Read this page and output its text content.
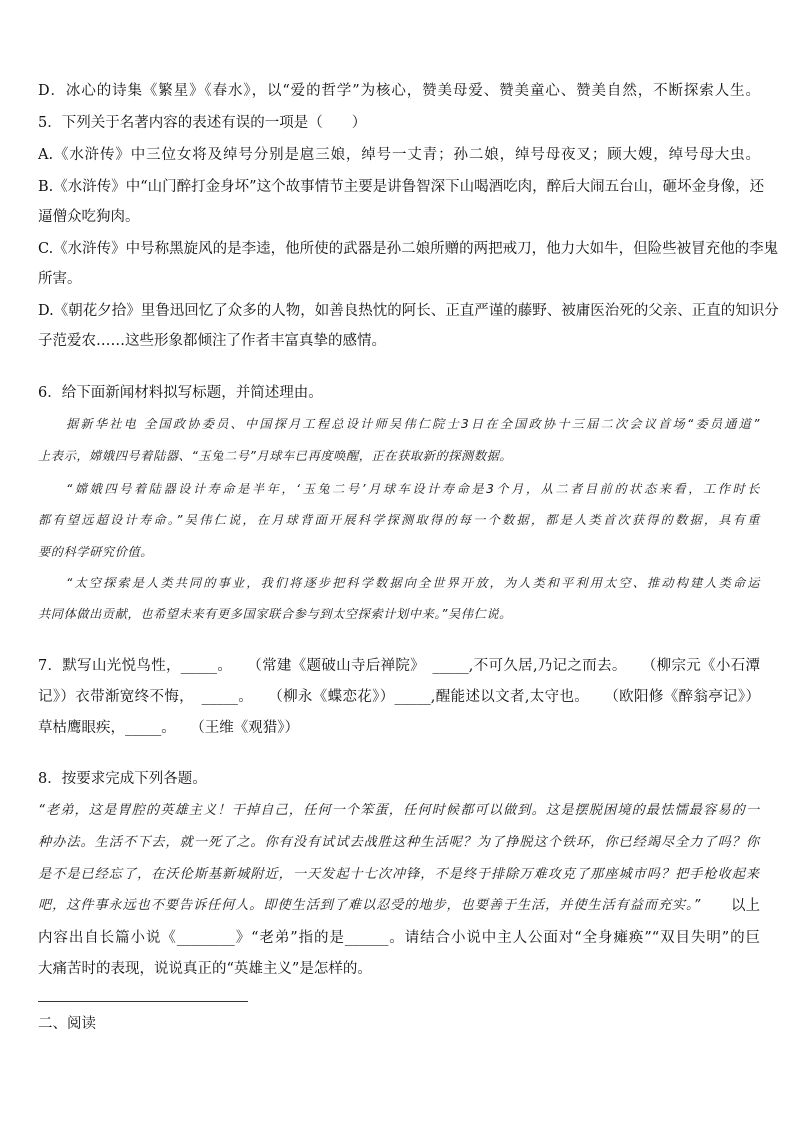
D．冰心的诗集《繁星》《春水》，以“爱的哲学”为核心，赞美母爱、赞美童心、赞美自然，不断探索人生。
5．下列关于名著内容的表述有误的一项是（　　）
A.《水浒传》中三位女将及绰号分别是扈三娘，绰号一丈青；孙二娘，绰号母夜叉；顾大嫂，绰号母大虫。
B.《水浒传》中“山门醉打金身坏”这个故事情节主要是讲鲁智深下山喝酒吃肉，醉后大闹五台山，砸坏金身像，还
逼僧众吃狗肉。
C.《水浒传》中号称黑旋风的是李逵，他所使的武器是孙二娘所赠的两把戒刀，他力大如牛，但险些被冒充他的李鬼
所害。
D.《朝花夕拾》里鲁迅回忆了众多的人物，如善良热忱的阿长、正直严谨的藤野、被庸医治死的父亲、正直的知识分
子范爱农……这些形象都倾注了作者丰富真挚的感情。
6．给下面新闻材料拟写标题，并简述理由。
据新华社电 全国政协委员、中国探月工程总设计师吴伟仁院士3日在全国政协十三届二次会议首场“委员通道”
上表示，嫦娥四号着陆器、“玉兔二号”月球车已再度唤醒，正在获取新的探测数据。
“嫦娥四号着陆器设计寿命是半年，‘玉兔二号’月球车设计寿命是3个月，从二者目前的状态来看，工作时长
都有望远超设计寿命。”吴伟仁说，在月球背面开展科学探测取得的每一个数据，都是人类首次获得的数据，具有重
要的科学研究价值。
“太空探索是人类共同的事业，我们将逐步把科学数据向全世界开放，为人类和平利用太空、推动构建人类命运
共同体做出贡献，也希望未来有更多国家联合参与到太空探索计划中来。”吴伟仁说。
7．默写山光悦鸟性，_____。　　（常建《题破山寺后禅院》　_____,不可久居,乃记之而去。　　（柳宗元《小石潭
记》）衣带渐宽终不悔，　_____。　　（柳永《蝶恋花》）_____,醒能述以文者,太守也。　　（欧阳修《醉翁亭记》）
草枯鹰眼疾，_____。　　（王维《观猎》）
8．按要求完成下列各题。
“老弟，这是胃腔的英雄主义！干掉自己，任何一个笨蛋，任何时候都可以做到。这是摆脱困境的最怯懦最容易的一
种办法。生活不下去，就一死了之。你有没有试试去战胜这种生活呢？为了挣脱这个铁环，你已经竭尽全力了吗？你
是不是已经忘了，在沃伦斯基新城附近，一天发起十七次冲锋，不是终于排除万难攻克了那座城市吗？把手枪收起来
吧，这件事永远也不要告诉任何人。即使生活到了难以忍受的地步，也要善于生活，并使生活有益而充实。”	以上
内容出自长篇小说《________》“老弟”指的是______。请结合小说中主人公面对“全身瘫痪”“双目失明”的巨
大痛苦时的表现，说说真正的“英雄主义”是怎样的。
二、阅读
